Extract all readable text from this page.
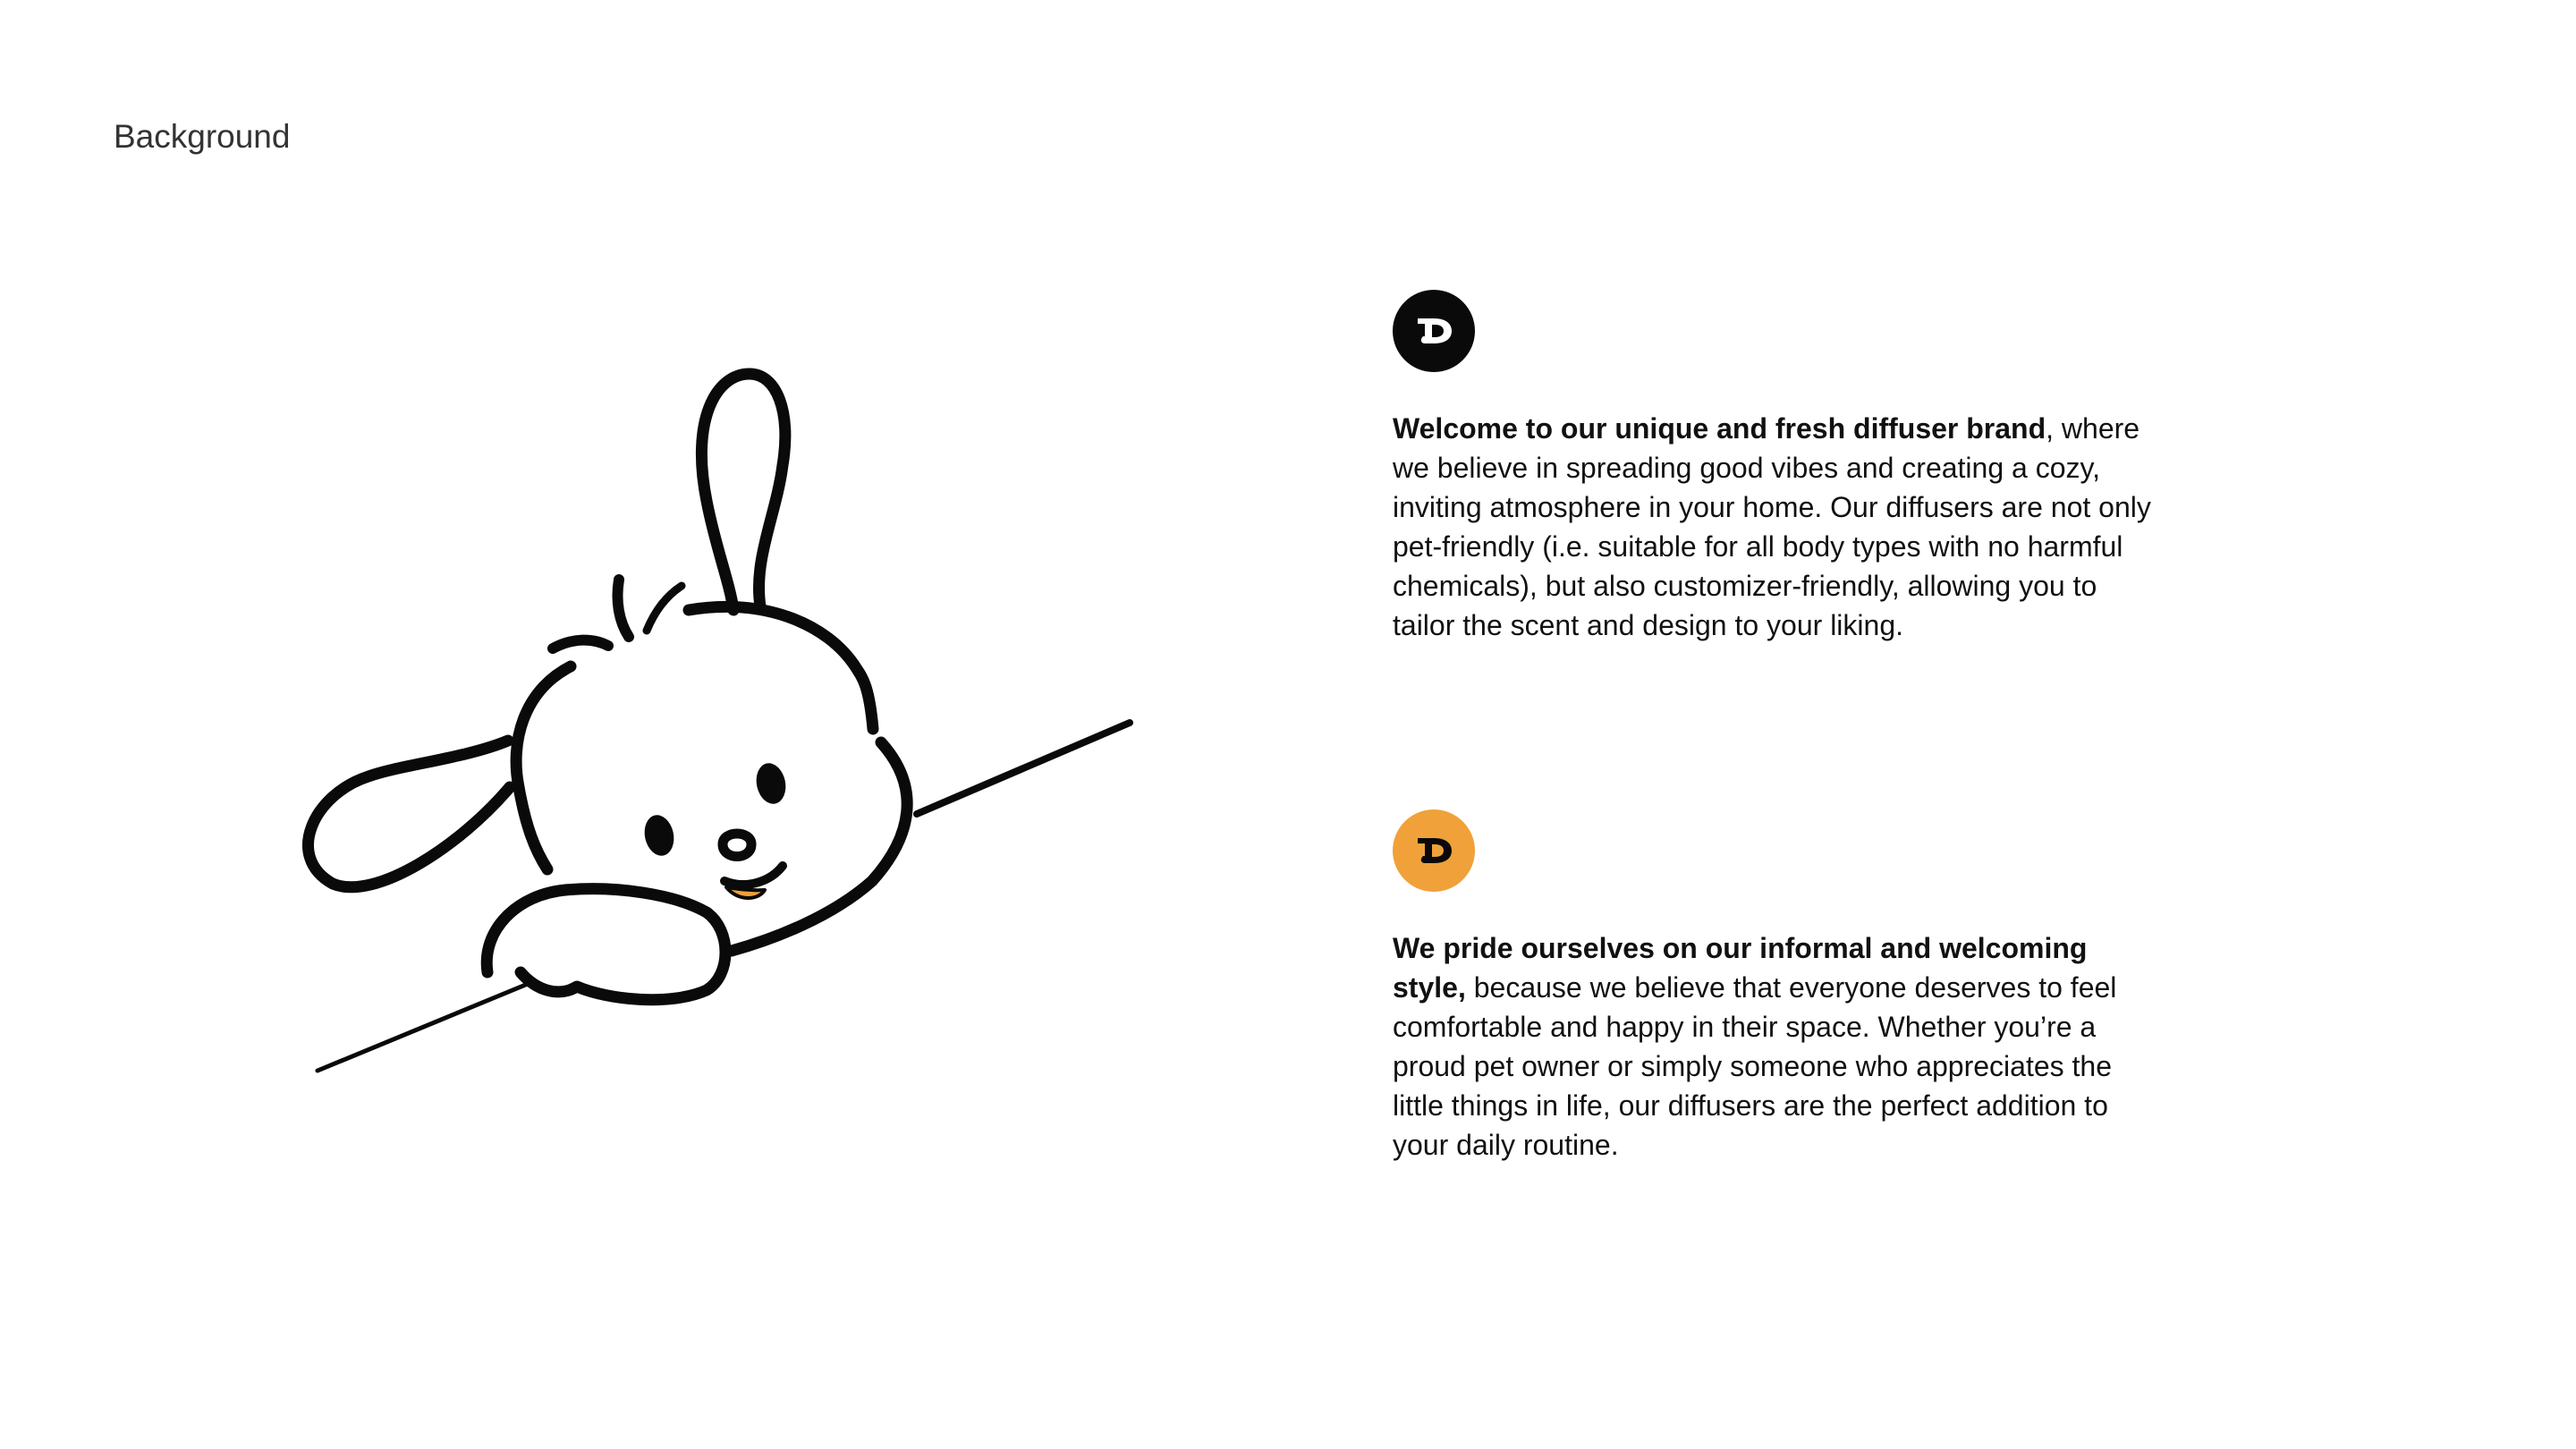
Background

Welcome to our unique and fresh diffuser brand, where we believe in spreading good vibes and creating a cozy, inviting atmosphere in your home. Our diffusers are not only pet-friendly (i.e. suitable for all body types with no harmful chemicals), but also customizer-friendly, allowing you to tailor the scent and design to your liking.

We pride ourselves on our informal and welcoming style, because we believe that everyone deserves to feel comfortable and happy in their space. Whether you’re a proud pet owner or simply someone who appreciates the little things in life, our diffusers are the perfect addition to your daily routine.
